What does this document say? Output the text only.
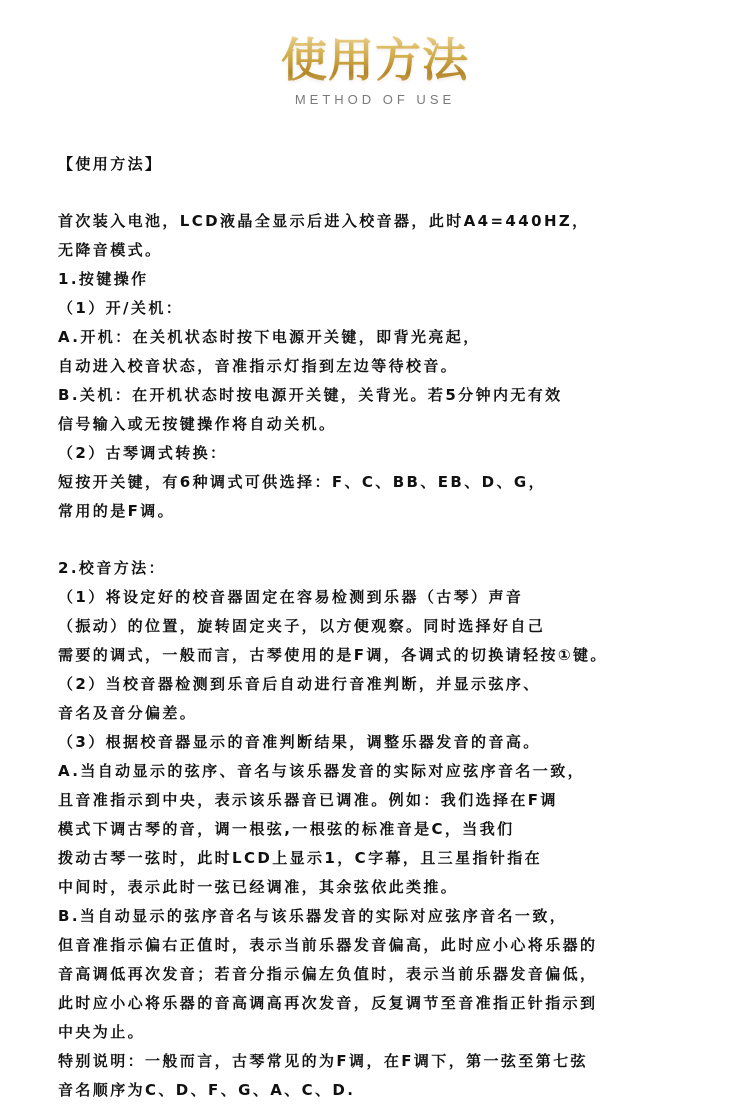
使用方法
METHOD OF USE
【使用方法】
首次装入电池，LCD液晶全显示后进入校音器，此时A4=440HZ，
无降音模式。
1.按键操作
（1）开/关机：
A.开机：在关机状态时按下电源开关键，即背光亮起，
自动进入校音状态，音准指示灯指到左边等待校音。
B.关机：在开机状态时按电源开关键，关背光。若5分钟内无有效
信号输入或无按键操作将自动关机。
（2）古琴调式转换：
短按开关键，有6种调式可供选择：F、C、BB、EB、D、G，
常用的是F调。
2.校音方法：
（1）将设定好的校音器固定在容易检测到乐器（古琴）声音
（振动）的位置，旋转固定夹子，以方便观察。同时选择好自己
需要的调式，一般而言，古琴使用的是F调，各调式的切换请轻按①键。
（2）当校音器检测到乐音后自动进行音准判断，并显示弦序、
音名及音分偏差。
（3）根据校音器显示的音准判断结果，调整乐器发音的音高。
A.当自动显示的弦序、音名与该乐器发音的实际对应弦序音名一致，
且音准指示到中央，表示该乐器音已调准。例如：我们选择在F调
模式下调古琴的音，调一根弦,一根弦的标准音是C，当我们
拨动古琴一弦时，此时LCD上显示1，C字幕，且三星指针指在
中间时，表示此时一弦已经调准，其余弦依此类推。
B.当自动显示的弦序音名与该乐器发音的实际对应弦序音名一致，
但音准指示偏右正值时，表示当前乐器发音偏高，此时应小心将乐器的
音高调低再次发音；若音分指示偏左负值时，表示当前乐器发音偏低，
此时应小心将乐器的音高调高再次发音，反复调节至音准指正针指示到
中央为止。
特别说明：一般而言，古琴常见的为F调，在F调下，第一弦至第七弦
音名顺序为C、D、F、G、A、C、D.
